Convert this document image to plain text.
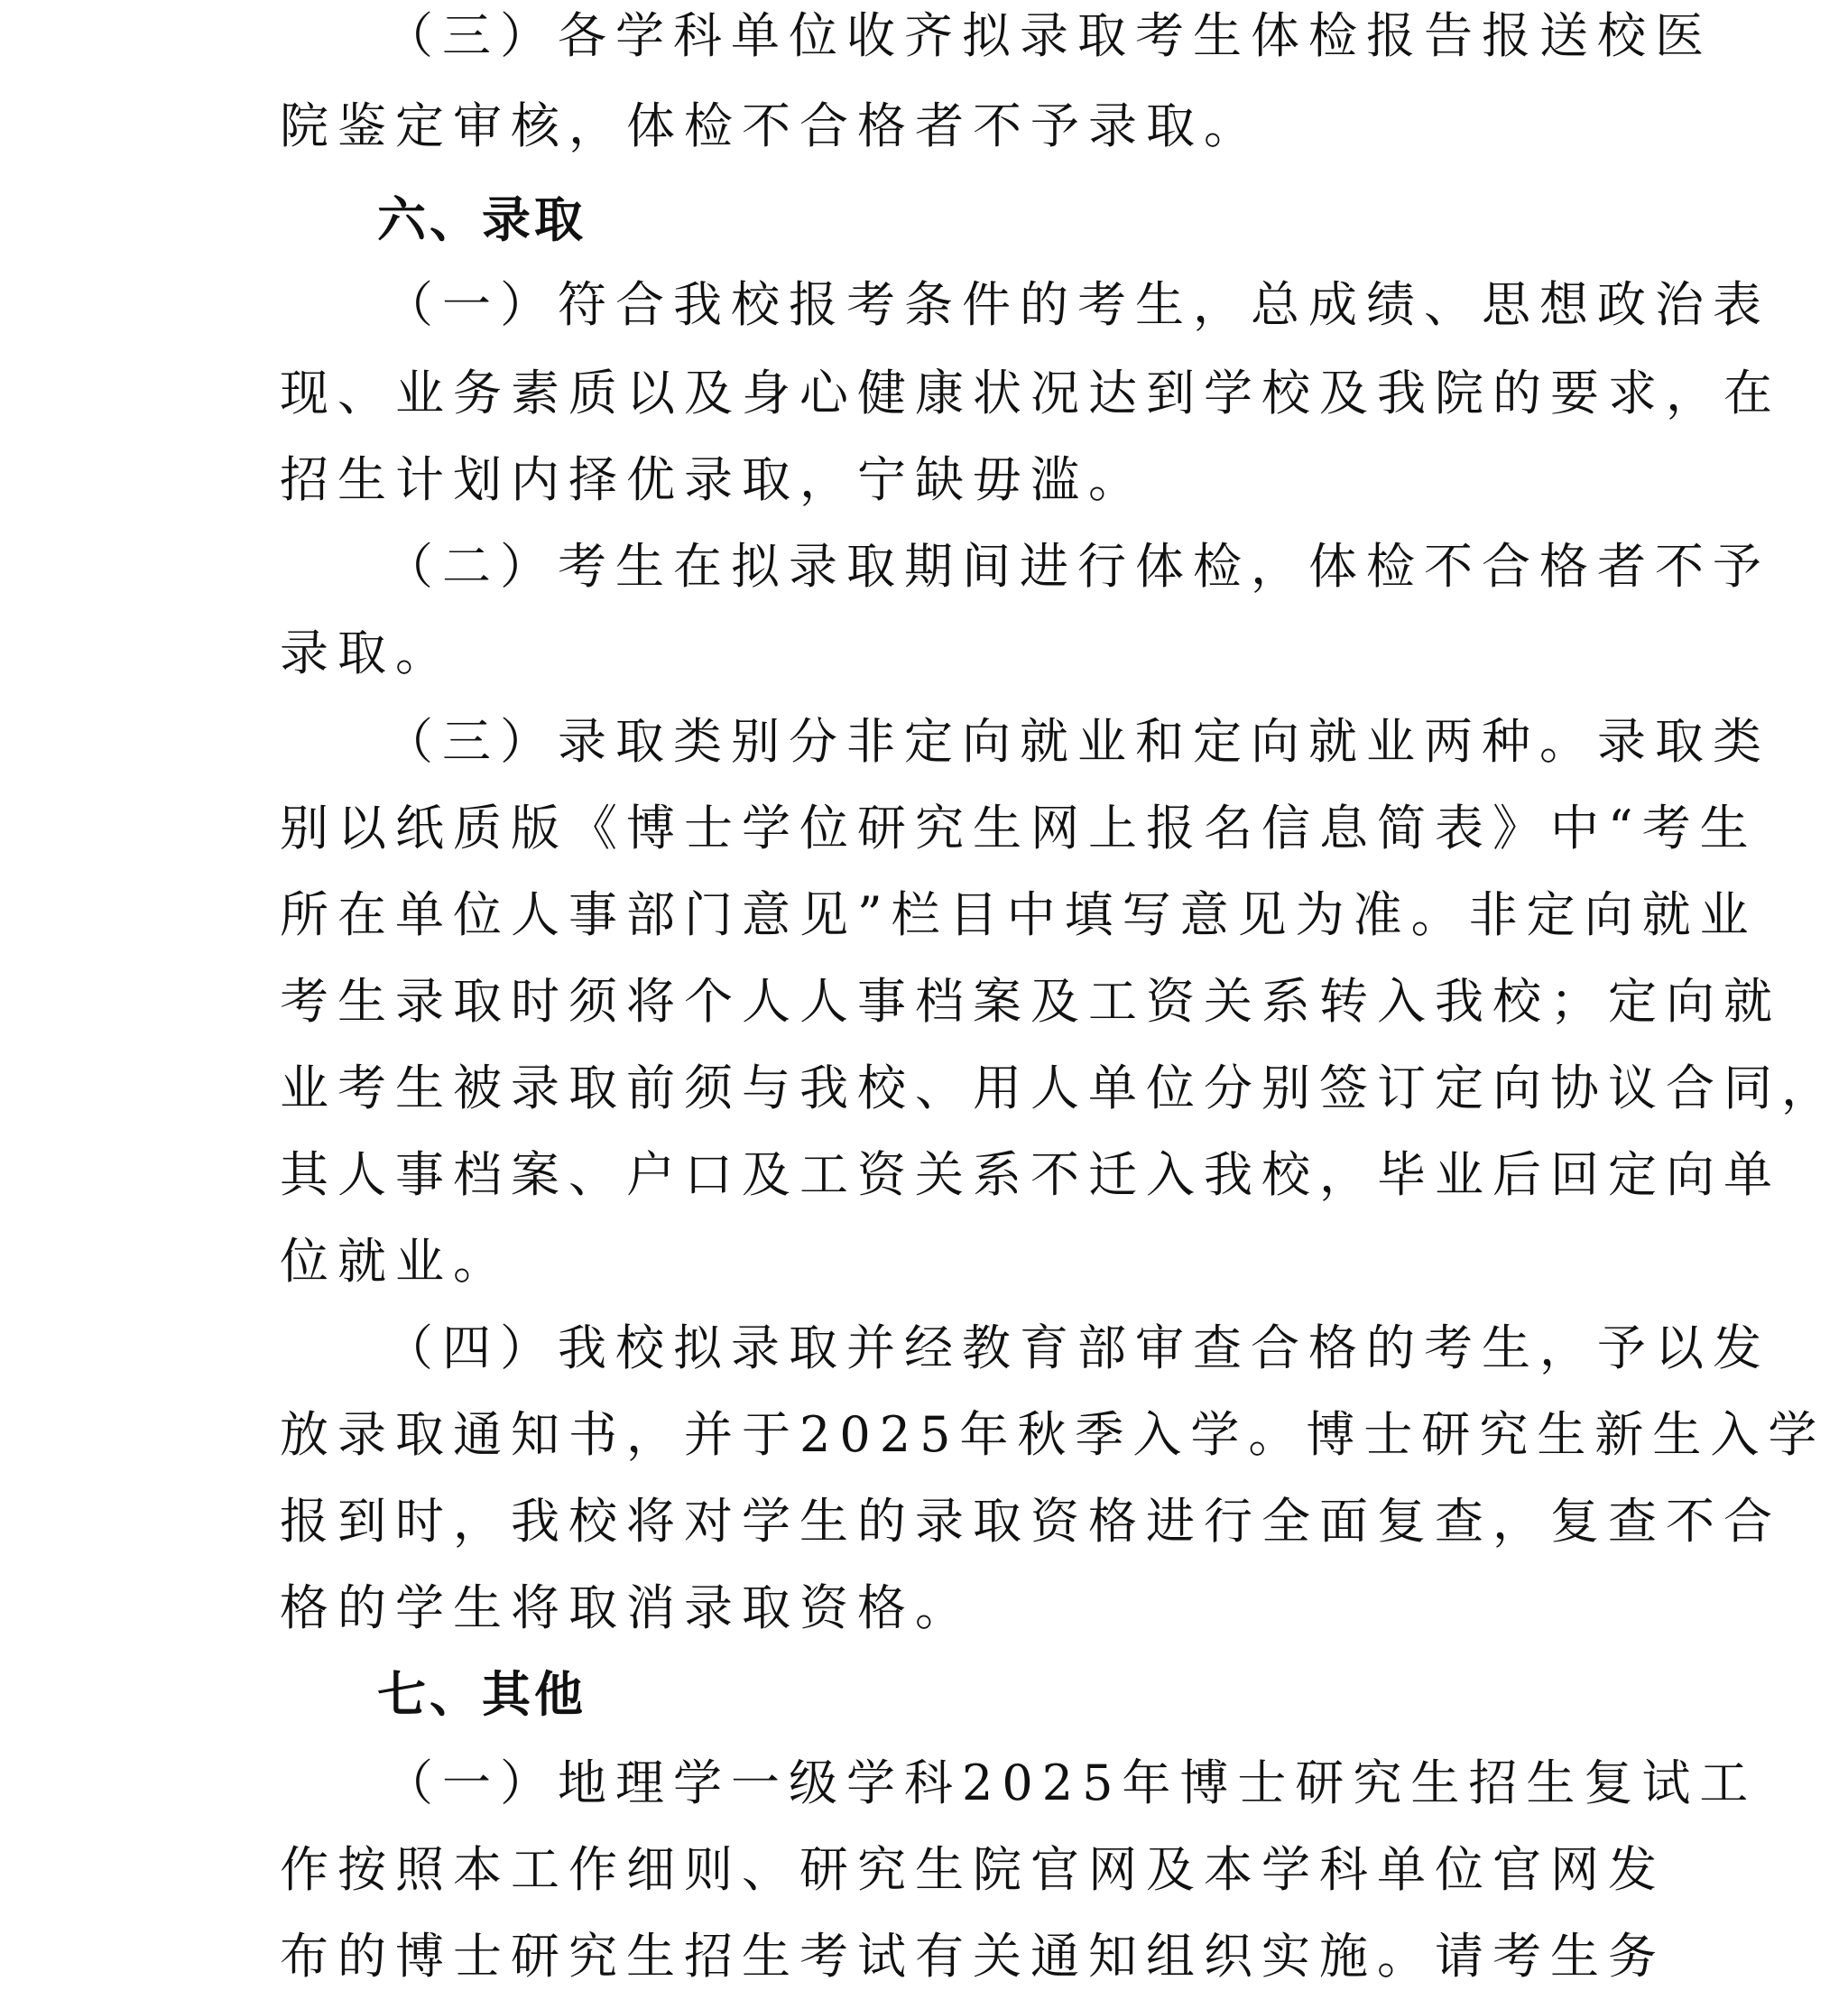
（三）各学科单位收齐拟录取考生体检报告报送校医
院鉴定审核，体检不合格者不予录取。
六、录取
（一）符合我校报考条件的考生，总成绩、思想政治表
现、业务素质以及身心健康状况达到学校及我院的要求，在
招生计划内择优录取，宁缺毋滥。
（二）考生在拟录取期间进行体检，体检不合格者不予
录取。
（三）录取类别分非定向就业和定向就业两种。录取类
别以纸质版《博士学位研究生网上报名信息简表》中“考生
所在单位人事部门意见”栏目中填写意见为准。非定向就业
考生录取时须将个人人事档案及工资关系转入我校；定向就
业考生被录取前须与我校、用人单位分别签订定向协议合同，
其人事档案、户口及工资关系不迁入我校，毕业后回定向单
位就业。
（四）我校拟录取并经教育部审查合格的考生，予以发
放录取通知书，并于2025年秋季入学。博士研究生新生入学
报到时，我校将对学生的录取资格进行全面复查，复查不合
格的学生将取消录取资格。
七、其他
（一）地理学一级学科2025年博士研究生招生复试工
作按照本工作细则、研究生院官网及本学科单位官网发
布的博士研究生招生考试有关通知组织实施。请考生务
